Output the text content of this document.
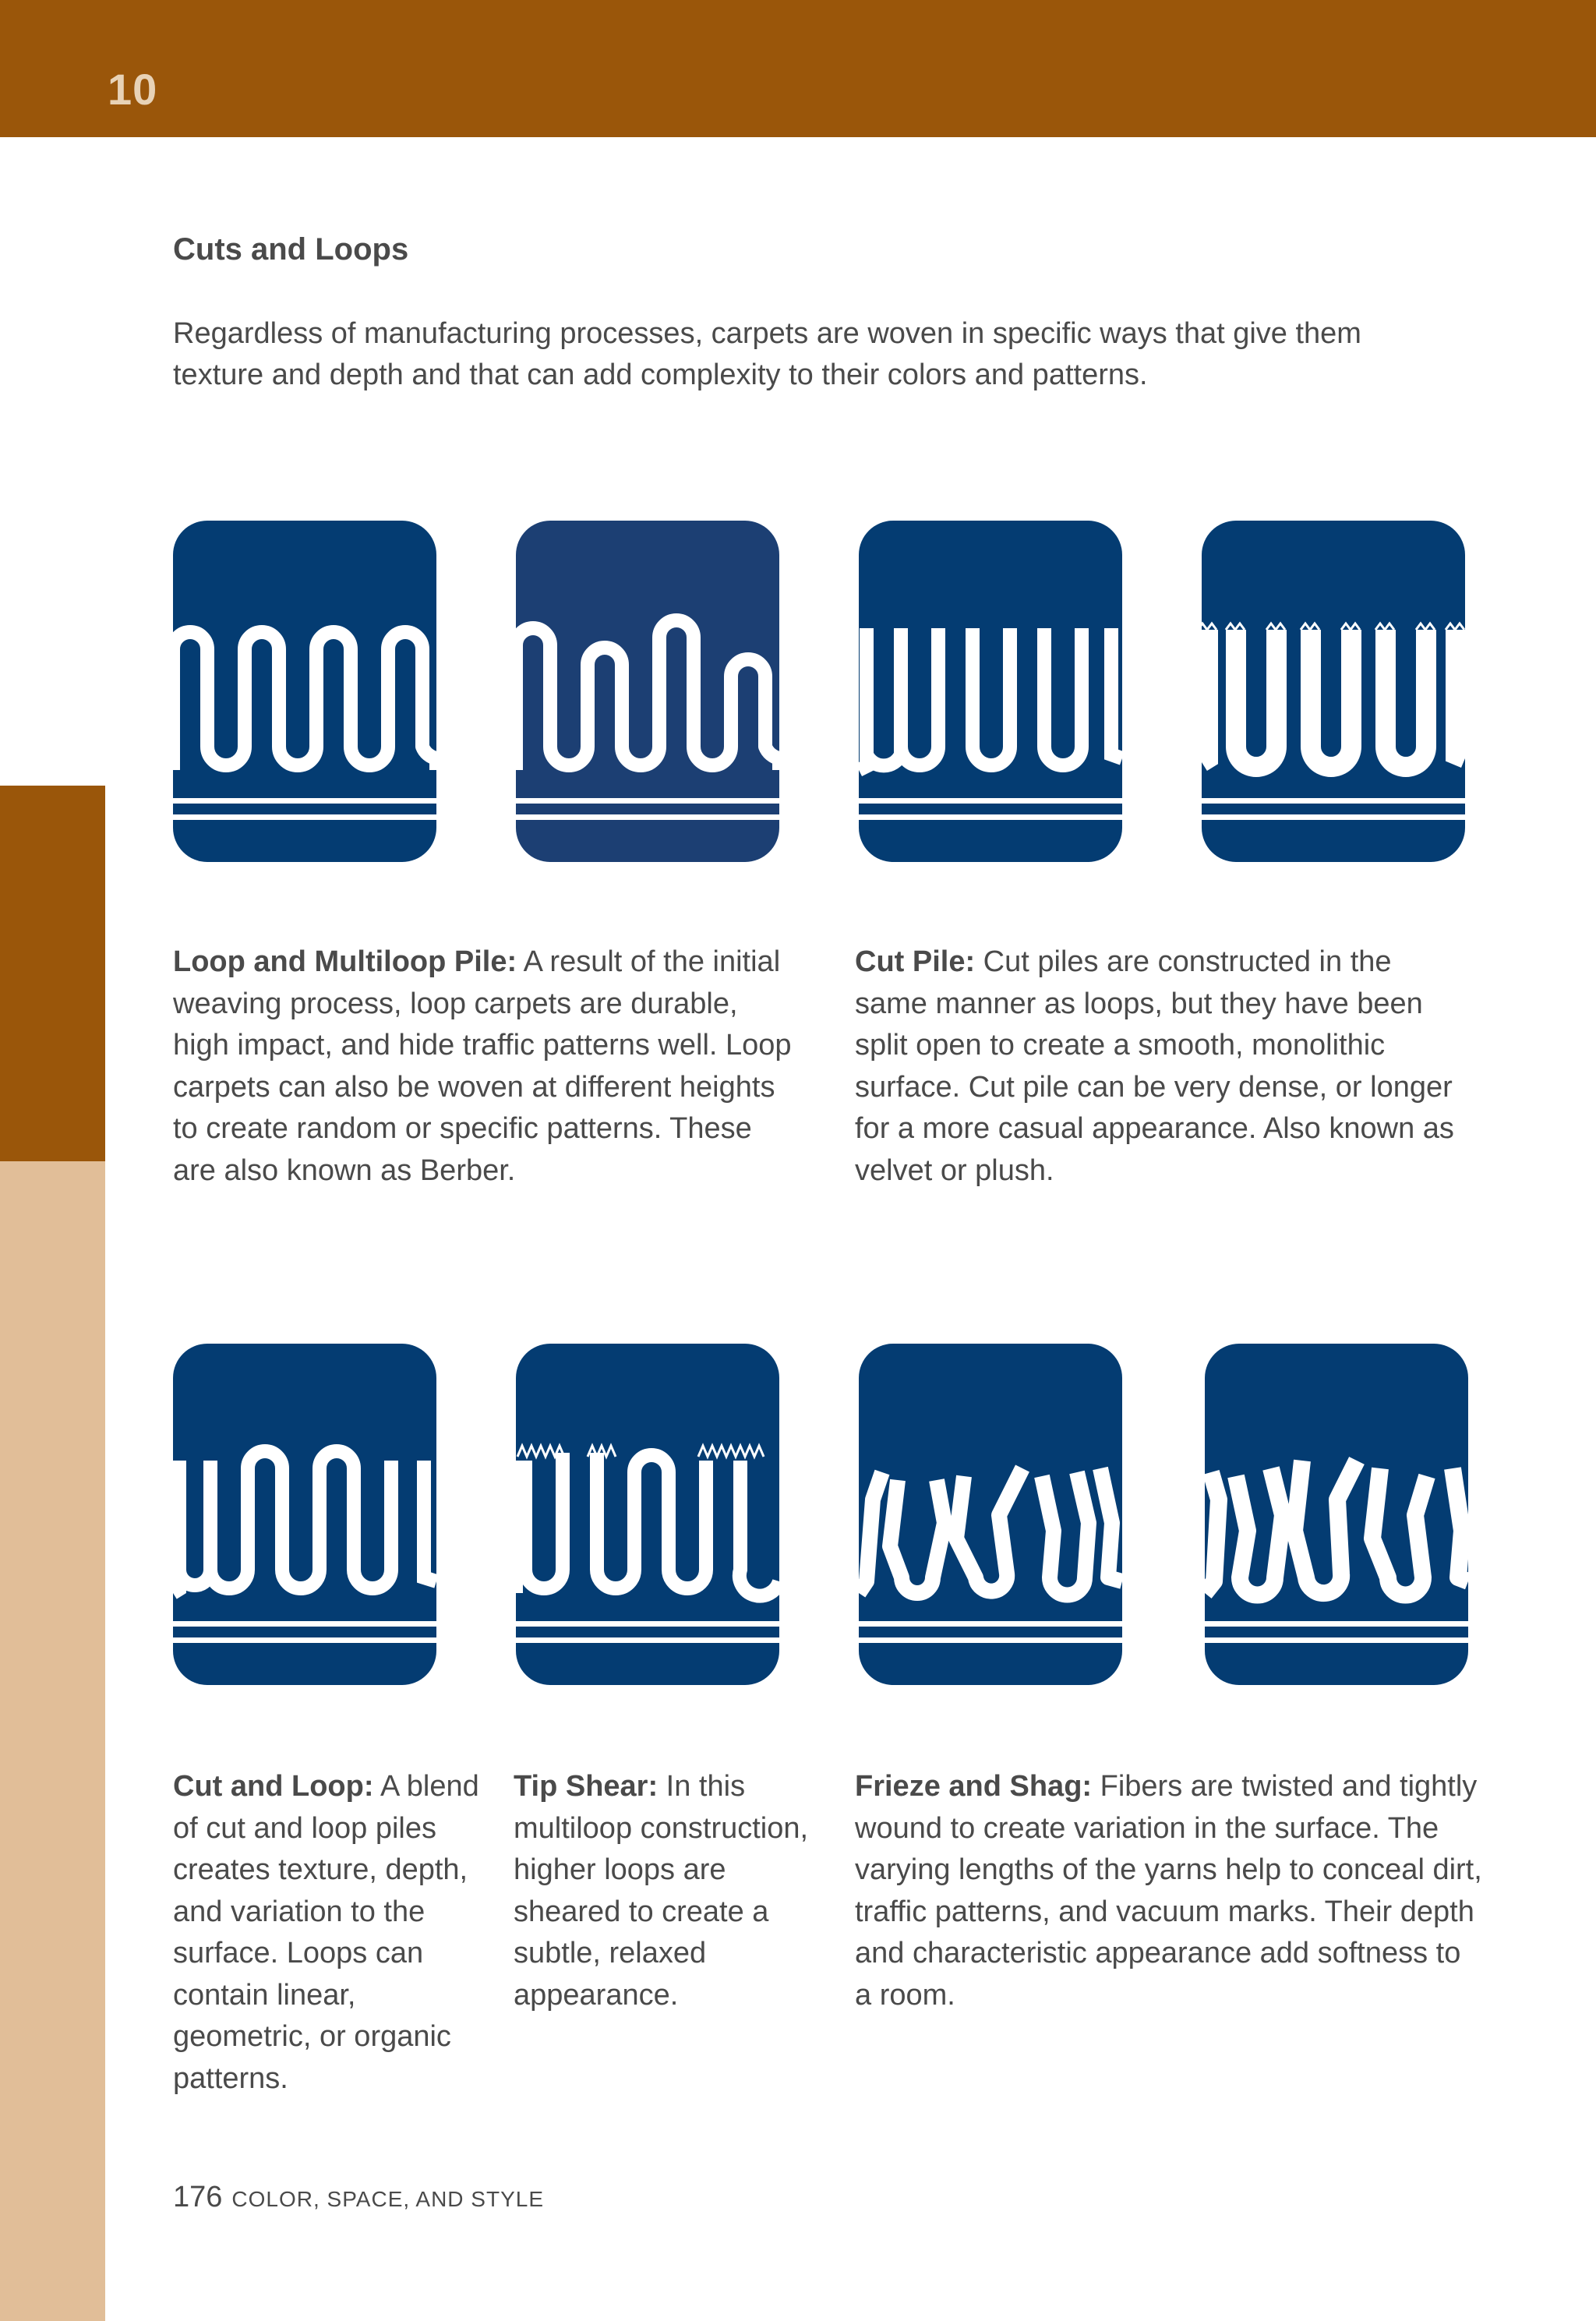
10
Cuts and Loops
Regardless of manufacturing processes, carpets are woven in specific ways that give them texture and depth and that can add complexity to their colors and patterns.
Loop and Multiloop Pile: A result of the initial weaving process, loop carpets are durable, high impact, and hide traffic patterns well. Loop carpets can also be woven at different heights to create random or specific patterns. These are also known as Berber.
Cut Pile: Cut piles are constructed in the same manner as loops, but they have been split open to create a smooth, monolithic surface. Cut pile can be very dense, or longer for a more casual appearance. Also known as velvet or plush.
Cut and Loop: A blend of cut and loop piles creates texture, depth, and variation to the surface. Loops can contain linear, geometric, or organic patterns.
Tip Shear: In this multiloop construction, higher loops are sheared to create a subtle, relaxed appearance.
Frieze and Shag: Fibers are twisted and tightly wound to create variation in the surface. The varying lengths of the yarns help to conceal dirt, traffic patterns, and vacuum marks. Their depth and characteristic appearance add softness to a room.
176 COLOR, SPACE, AND STYLE
